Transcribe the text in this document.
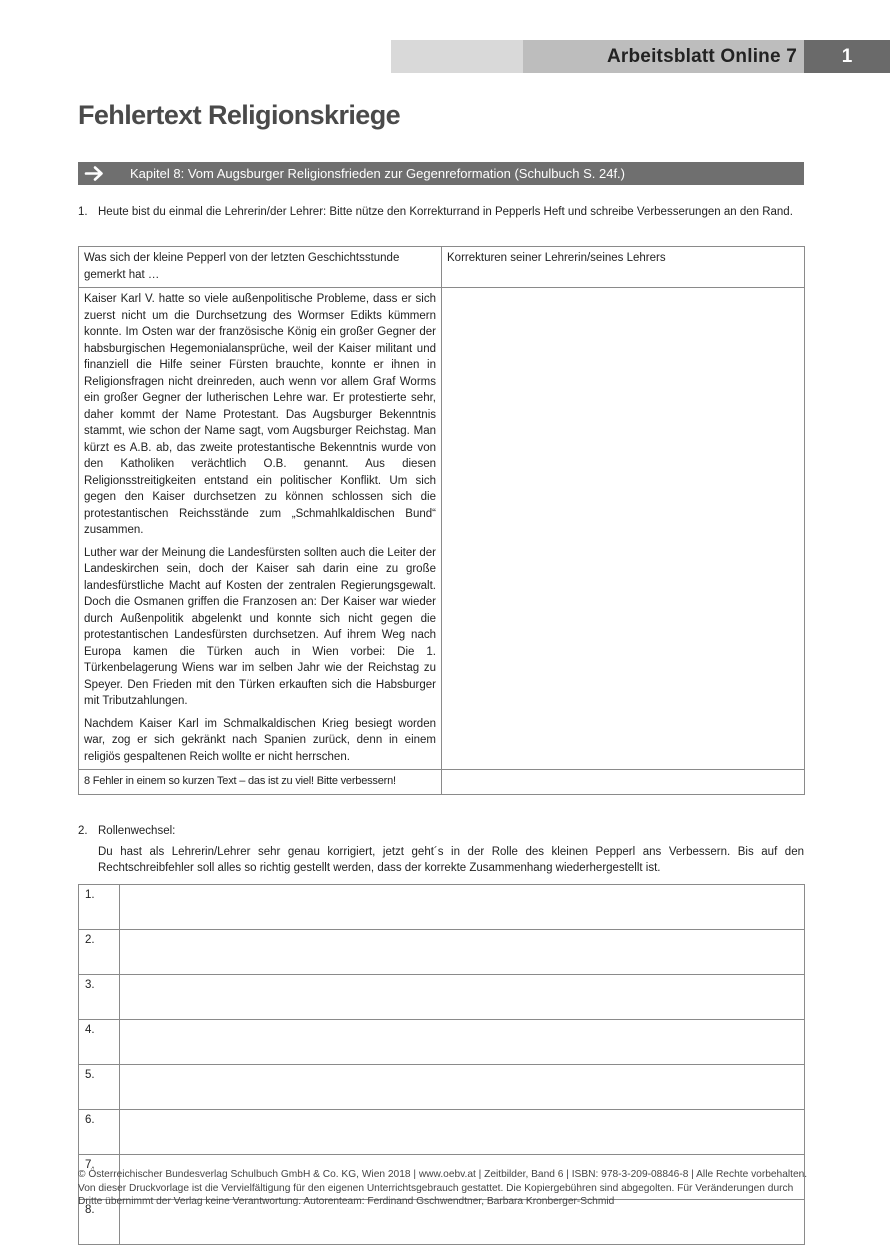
Arbeitsblatt Online 7	1
Fehlertext Religionskriege
Kapitel 8: Vom Augsburger Religionsfrieden zur Gegenreformation (Schulbuch S. 24f.)
1. Heute bist du einmal die Lehrerin/der Lehrer: Bitte nütze den Korrekturrand in Pepperls Heft und schreibe Verbesserungen an den Rand.
Was sich der kleine Pepperl von der letzten Geschichtsstunde gemerkt hat …	Korrekturen seiner Lehrerin/seines Lehrers

Kaiser Karl V. hatte so viele außenpolitische Probleme, dass er sich zuerst nicht um die Durchsetzung des Wormser Edikts kümmern konnte. Im Osten war der französische König ein großer Gegner der habsburgischen Hegemonialansprüche, weil der Kaiser militant und finanziell die Hilfe seiner Fürsten brauchte, konnte er ihnen in Religionsfragen nicht dreinreden, auch wenn vor allem Graf Worms ein großer Gegner der lutherischen Lehre war. Er protestierte sehr, daher kommt der Name Protestant. Das Augsburger Bekenntnis stammt, wie schon der Name sagt, vom Augsburger Reichstag. Man kürzt es A.B. ab, das zweite protestantische Bekenntnis wurde von den Katholiken verächtlich O.B. genannt. Aus diesen Religionsstreitigkeiten entstand ein politischer Konflikt. Um sich gegen den Kaiser durchsetzen zu können schlossen sich die protestantischen Reichsstände zum „Schmahlkaldischen Bund“ zusammen.

Luther war der Meinung die Landesfürsten sollten auch die Leiter der Landeskirchen sein, doch der Kaiser sah darin eine zu große landesfürstliche Macht auf Kosten der zentralen Regierungsgewalt. Doch die Osmanen griffen die Franzosen an: Der Kaiser war wieder durch Außenpolitik abgelenkt und konnte sich nicht gegen die protestantischen Landesfürsten durchsetzen. Auf ihrem Weg nach Europa kamen die Türken auch in Wien vorbei: Die 1. Türkenbelagerung Wiens war im selben Jahr wie der Reichstag zu Speyer. Den Frieden mit den Türken erkauften sich die Habsburger mit Tributzahlungen.

Nachdem Kaiser Karl im Schmalkaldischen Krieg besiegt worden war, zog er sich gekränkt nach Spanien zurück, denn in einem religiös gespaltenen Reich wollte er nicht herrschen.	

8 Fehler in einem so kurzen Text – das ist zu viel! Bitte verbessern!	
2. Rollenwechsel:
Du hast als Lehrerin/Lehrer sehr genau korrigiert, jetzt geht´s in der Rolle des kleinen Pepperl ans Verbessern. Bis auf den Rechtschreibfehler soll alles so richtig gestellt werden, dass der korrekte Zusammenhang wiederhergestellt ist.
1.	
2.	
3.	
4.	
5.	
6.	
7.	
8.	
© Österreichischer Bundesverlag Schulbuch GmbH & Co. KG, Wien 2018 | www.oebv.at | Zeitbilder, Band 6 | ISBN: 978-3-209-08846-8 | Alle Rechte vorbehalten. Von dieser Druckvorlage ist die Vervielfältigung für den eigenen Unterrichtsgebrauch gestattet. Die Kopiergebühren sind abgegolten. Für Veränderungen durch Dritte übernimmt der Verlag keine Verantwortung. Autorenteam: Ferdinand Gschwendtner, Barbara Kronberger-Schmid
